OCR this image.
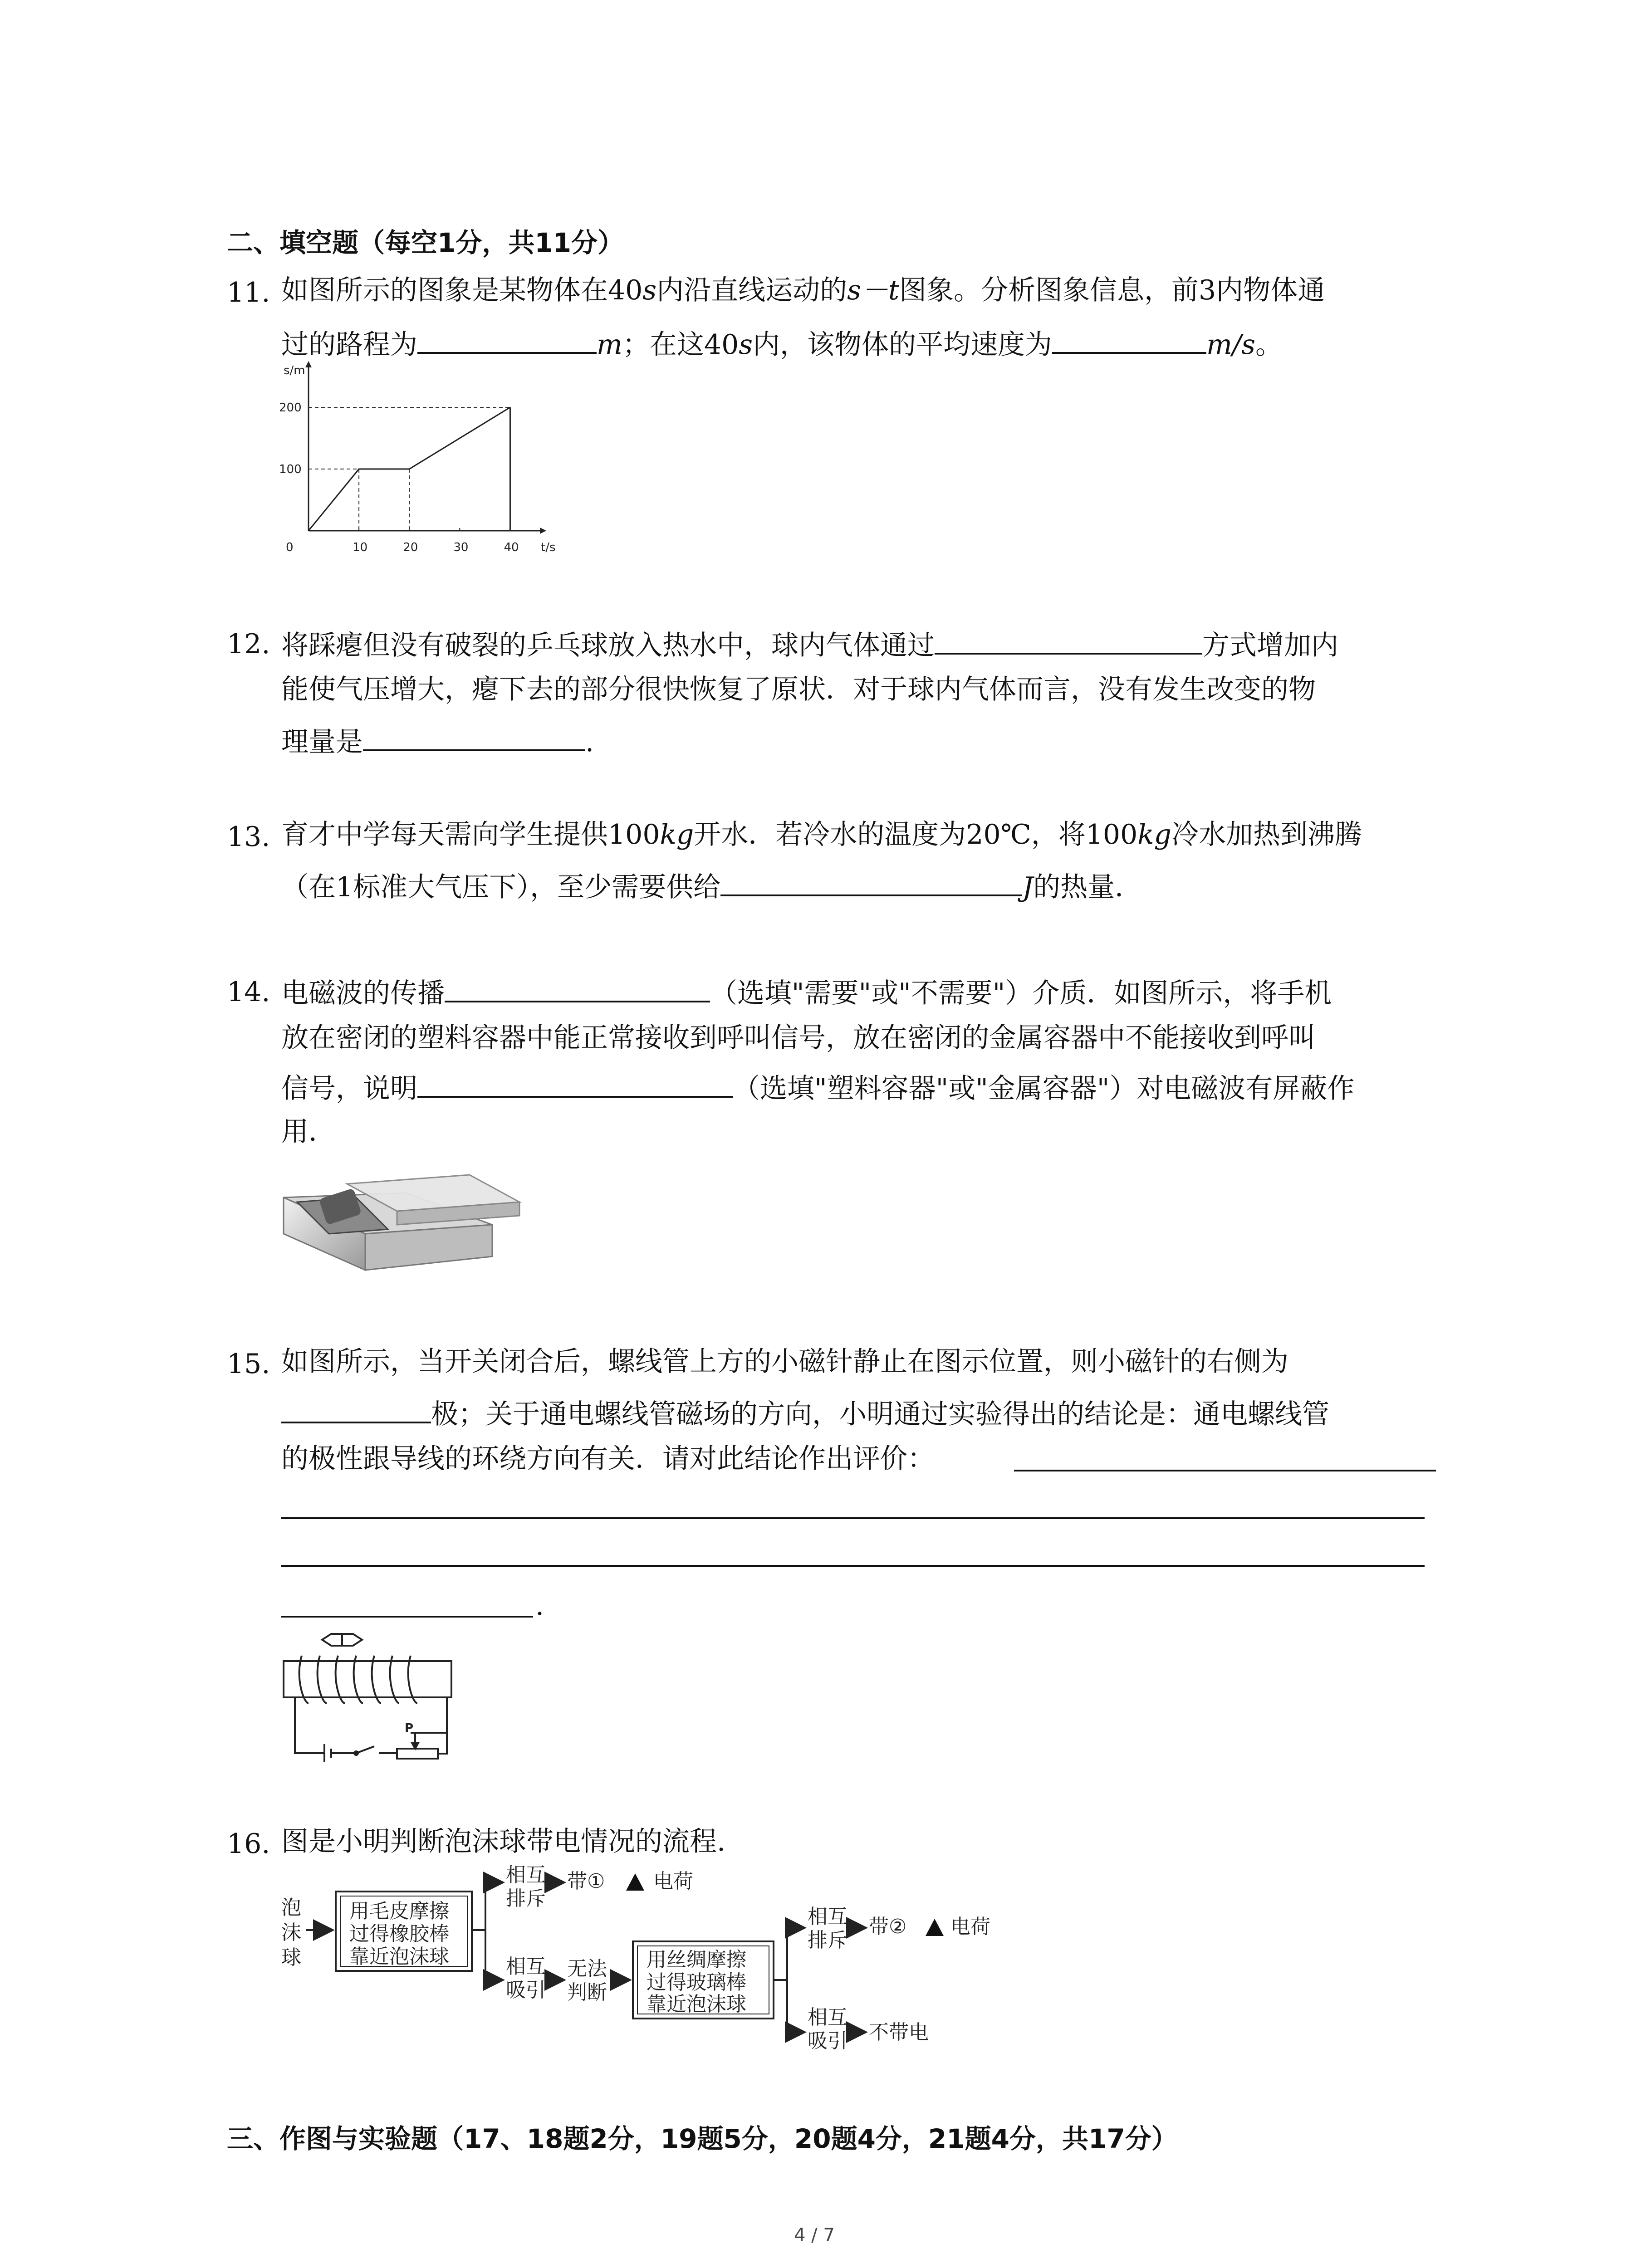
二、填空题（每空1分，共11分）
11. 如图所示的图象是某物体在40s内沿直线运动的s－t图象。分析图象信息，前3内物体通
过的路程为	m；在这40s内，该物体的平均速度为	m/s。
s/m
t/s
0	10	20	30	40
100
200
12. 将踩瘪但没有破裂的乒乓球放入热水中，球内气体通过	方式增加内
能使气压增大，瘪下去的部分很快恢复了原状．对于球内气体而言，没有发生改变的物
理量是	.
13. 育才中学每天需向学生提供100kg开水．若冷水的温度为20℃，将100kg冷水加热到沸腾
（在1标准大气压下），至少需要供给	J的热量．
14. 电磁波的传播	（选填"需要"或"不需要"）介质．如图所示，将手机
放在密闭的塑料容器中能正常接收到呼叫信号，放在密闭的金属容器中不能接收到呼叫
信号，说明	（选填"塑料容器"或"金属容器"）对电磁波有屏蔽作
用．
15. 如图所示，当开关闭合后，螺线管上方的小磁针静止在图示位置，则小磁针的右侧为
极；关于通电螺线管磁场的方向，小明通过实验得出的结论是：通电螺线管
的极性跟导线的环绕方向有关．请对此结论作出评价：
.
P
16. 图是小明判断泡沫球带电情况的流程.
泡
沫
球
用毛皮摩擦
过得橡胶棒
靠近泡沫球
相互
排斥
带① 电荷
相互
吸引
无法
判断
用丝绸摩擦
过得玻璃棒
靠近泡沫球
相互
排斥
带② 电荷
相互
吸引 不带电
三、作图与实验题（17、18题2分，19题5分，20题4分，21题4分，共17分）
4 / 7
